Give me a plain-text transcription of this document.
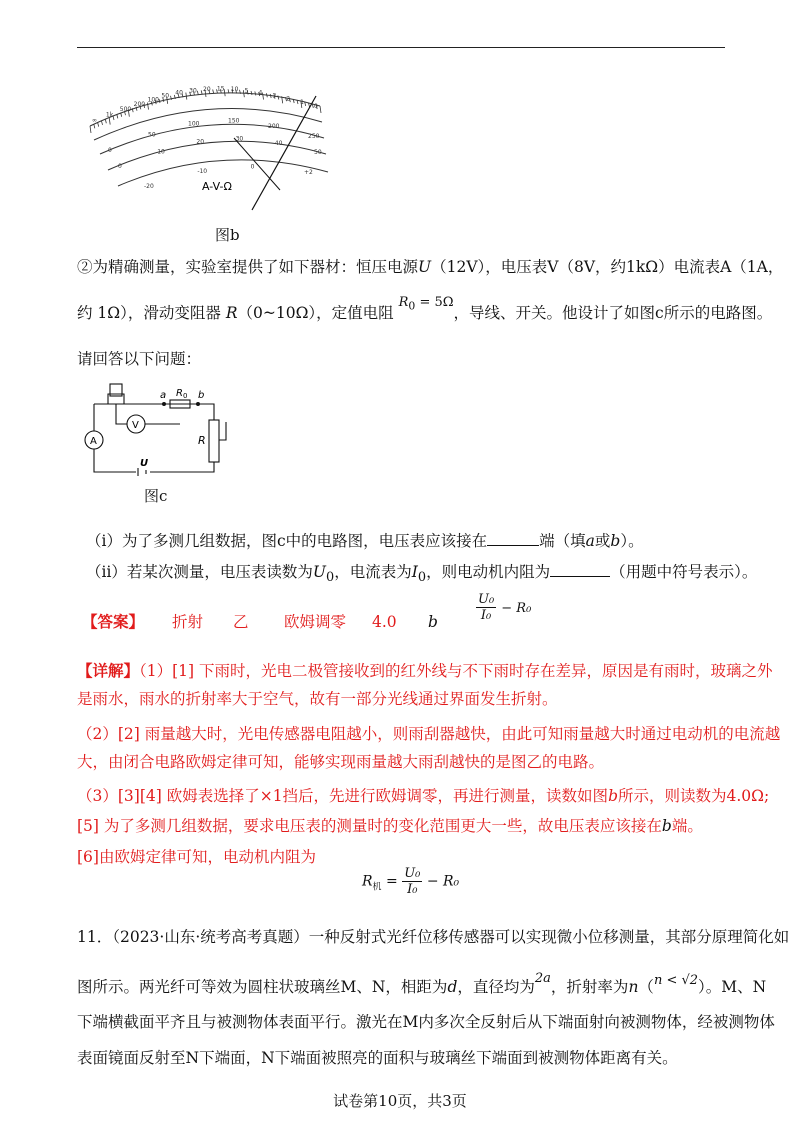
A-V-Ω
∞
1k
500
200
100
50 40 30 20 15 10 5 4 3 2
1
0
0
50
100	150
200
250
0
10
20	30
40
50
-20
-10
0
+2
图b
②为精确测量，实验室提供了如下器材：恒压电源U（12V），电压表V（8V，约1kΩ）电流表A（1A，
约 1Ω），滑动变阻器 R（0~10Ω），定值电阻 $^{R_0 = 5\Omega}$，导线、开关。他设计了如图c所示的电路图。
请回答以下问题：
A
V
a	b
R 0
R
U
图c
（ⅰ）为了多测几组数据，图c中的电路图，电压表应该接在	端（填a或b）。
（ⅱ）若某次测量，电压表读数为$U_0$，电流表为$I_0$，则电动机内阻为	（用题中符号表示）。
【答案】 折射 乙 欧姆调零 4.0 b	$\frac{\text{U₀}}{\text{I₀}} - R_0$
【详解】（1）[1] 下雨时，光电二极管接收到的红外线与不下雨时存在差异，原因是有雨时，玻璃之外
是雨水，雨水的折射率大于空气，故有一部分光线通过界面发生折射。
（2）[2] 雨量越大时，光电传感器电阻越小，则雨刮器越快，由此可知雨量越大时通过电动机的电流越
大，由闭合电路欧姆定律可知，能够实现雨量越大雨刮越快的是图乙的电路。
（3）[3][4] 欧姆表选择了×1挡后，先进行欧姆调零，再进行测量，读数如图b所示，则读数为4.0Ω;
[5] 为了多测几组数据，要求电压表的测量时的变化范围更大一些，故电压表应该接在b端。
[6]由欧姆定律可知，电动机内阻为
$R_机 = \frac{\text{U₀}}{\text{I₀}} - R_0$
11．（2023·山东·统考高考真题）一种反射式光纤位移传感器可以实现微小位移测量，其部分原理简化如
图所示。两光纤可等效为圆柱状玻璃丝M、N，相距为d，直径均为$^{2a}$，折射率为n（$^{n < √2}$）。M、N
下端横截面平齐且与被测物体表面平行。激光在M内多次全反射后从下端面射向被测物体，经被测物体
表面镜面反射至N下端面，N下端面被照亮的面积与玻璃丝下端面到被测物体距离有关。
试卷第10页，共3页
